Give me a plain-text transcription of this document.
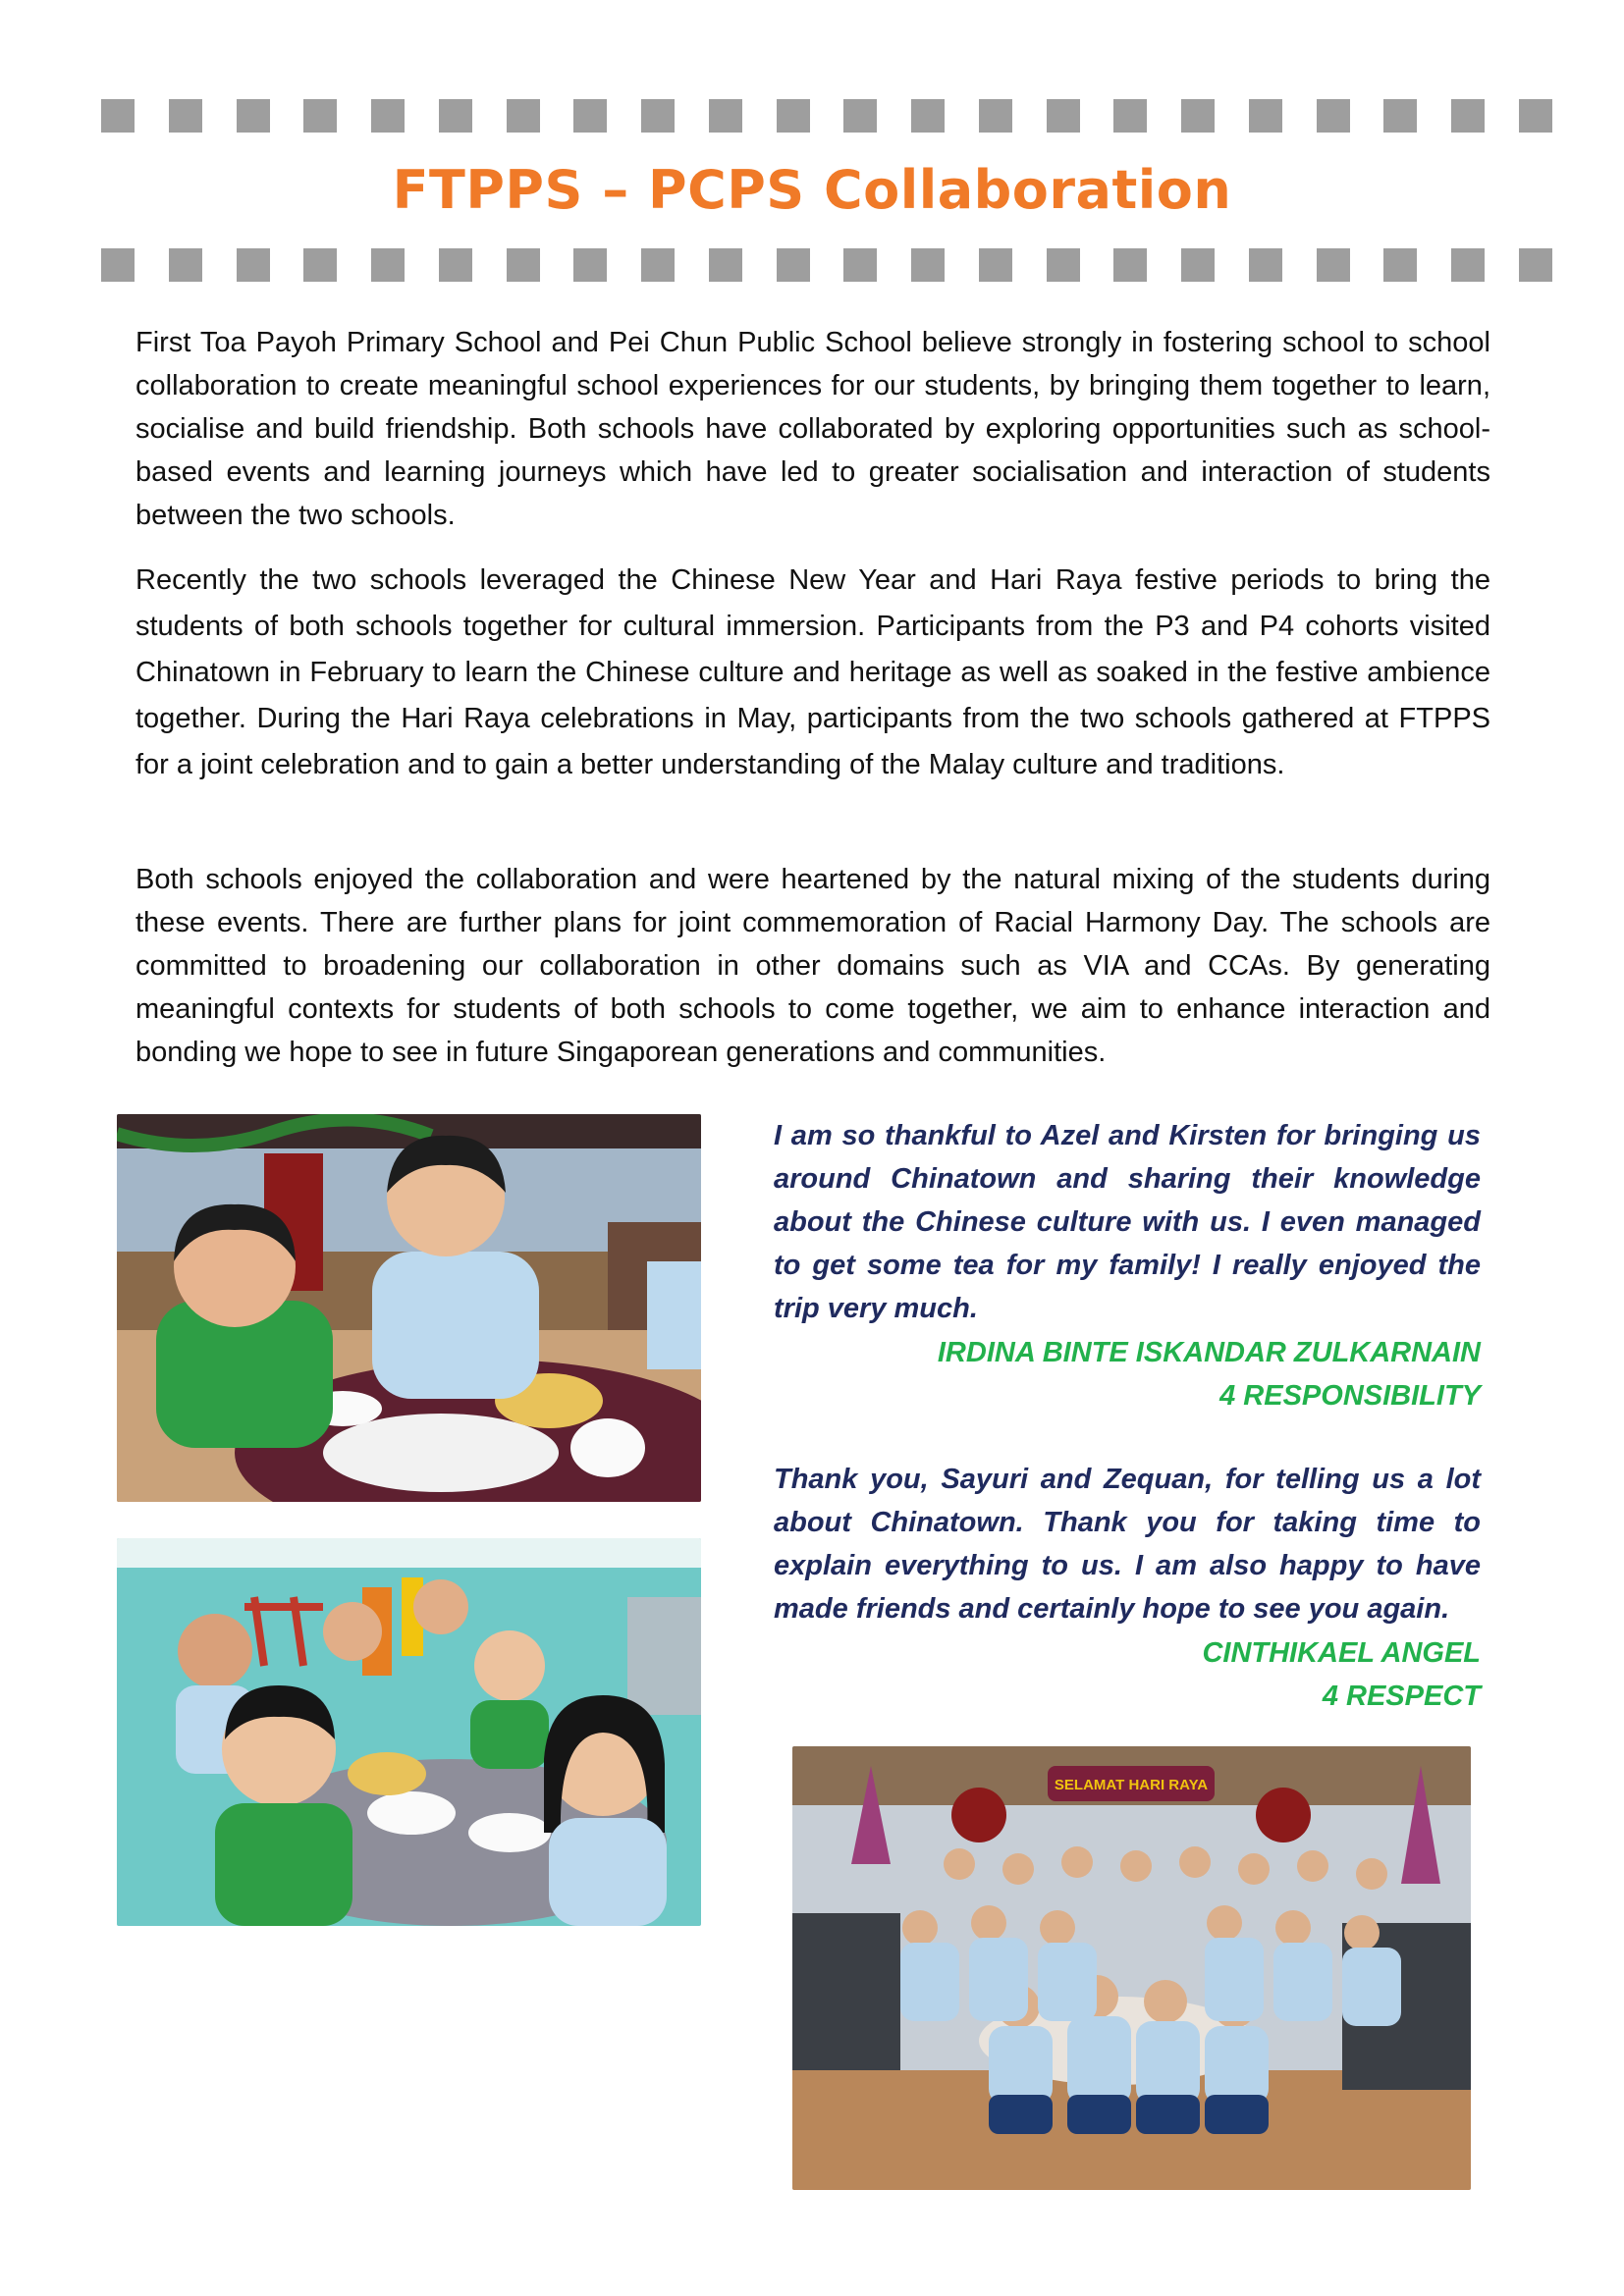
FTPPS – PCPS Collaboration

First Toa Payoh Primary School and Pei Chun Public School believe strongly in fostering school to school collaboration to create meaningful school experiences for our students, by bringing them together to learn, socialise and build friendship. Both schools have collaborated by exploring opportunities such as school-based events and learning journeys which have led to greater socialisation and interaction of students between the two schools.

Recently the two schools leveraged the Chinese New Year and Hari Raya festive periods to bring the students of both schools together for cultural immersion. Participants from the P3 and P4 cohorts visited Chinatown in February to learn the Chinese culture and heritage as well as soaked in the festive ambience together. During the Hari Raya celebrations in May, participants from the two schools gathered at FTPPS for a joint celebration and to gain a better understanding of the Malay culture and traditions.

Both schools enjoyed the collaboration and were heartened by the natural mixing of the students during these events. There are further plans for joint commemoration of Racial Harmony Day. The schools are committed to broadening our collaboration in other domains such as VIA and CCAs. By generating meaningful contexts for students of both schools to come together, we aim to enhance interaction and bonding we hope to see in future Singaporean generations and communities.

SELAMAT HARI RAYA

I am so thankful to Azel and Kirsten for bringing us around Chinatown and sharing their knowledge about the Chinese culture with us. I even managed to get some tea for my family! I really enjoyed the trip very much.

IRDINA BINTE ISKANDAR ZULKARNAIN

4 RESPONSIBILITY

Thank you, Sayuri and Zequan, for telling us a lot about Chinatown. Thank you for taking time to explain everything to us. I am also happy to have made friends and certainly hope to see you again.

CINTHIKAEL ANGEL

4 RESPECT
